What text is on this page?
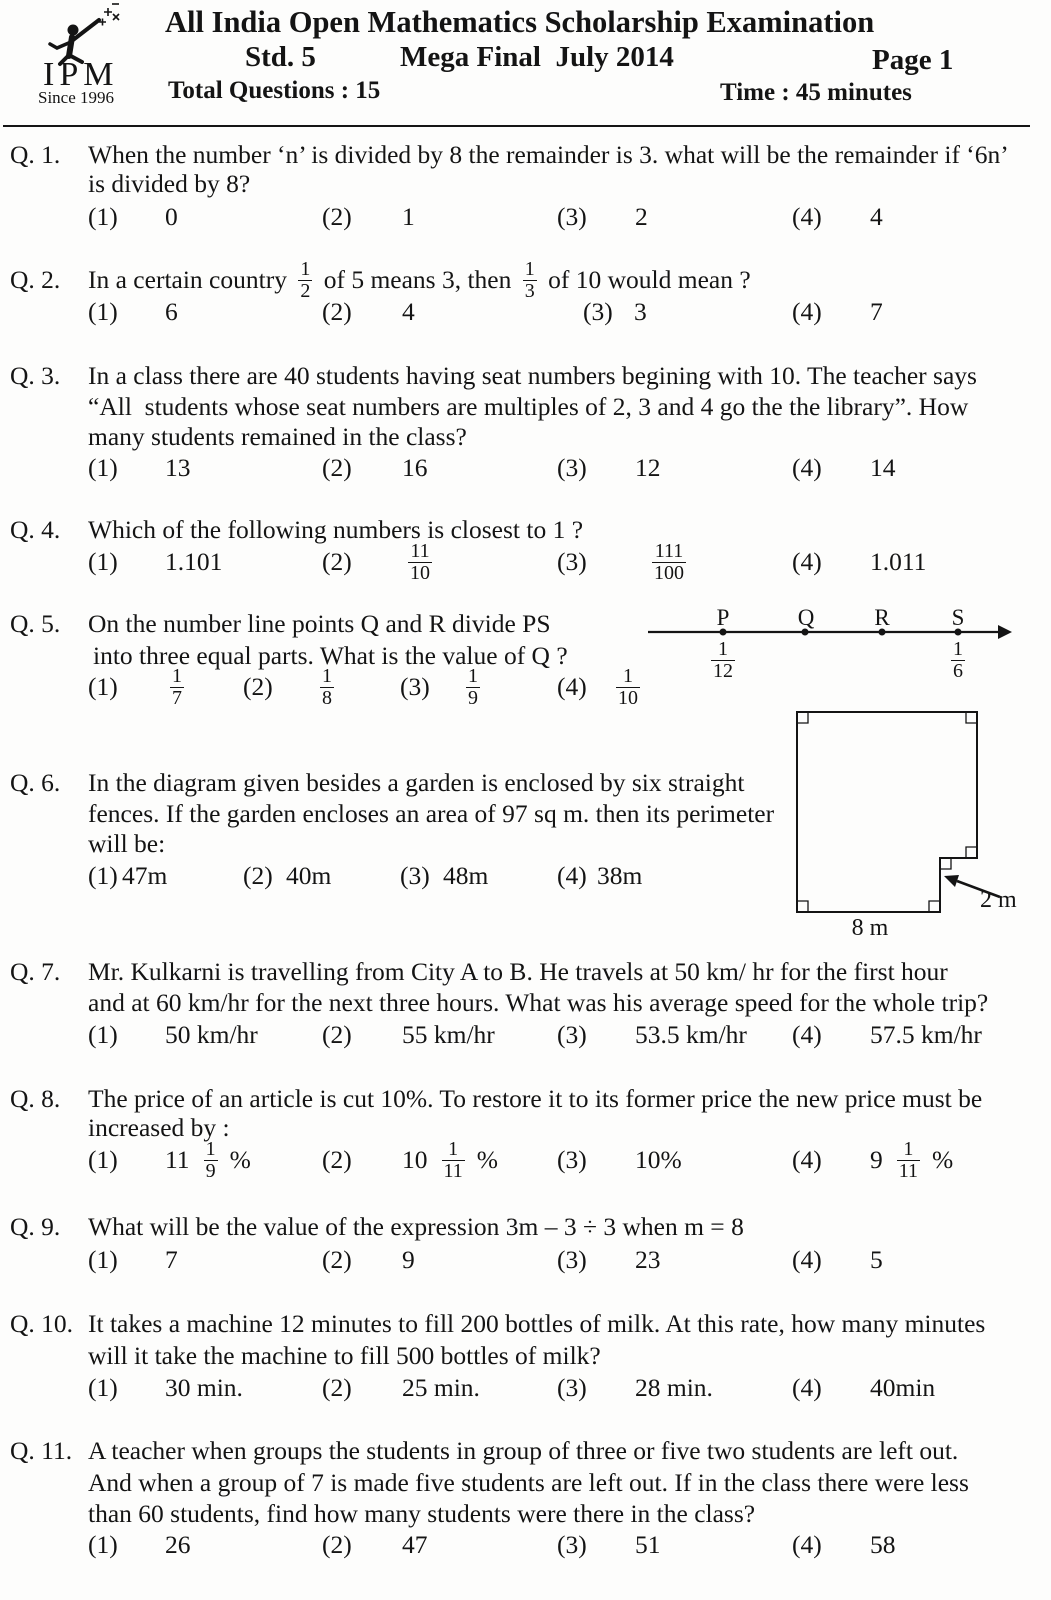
IPM
Since 1996
All India Open Mathematics Scholarship Examination
Std. 5	Mega Final  July 2014	Page 1
Total Questions : 15	Time : 45 minutes
P	Q	R	S
$\frac{1}{12}$	$\frac{1}{6}$
2 m
8 m
Q. 1. When the number ‘n’ is divided by 8 the remainder is 3. what will be the remainder if ‘6n’
is divided by 8?
(1) 0	(2) 1	(3) 2	(4) 4
Q. 2. In a certain country $\frac{1}{2}$ of 5 means 3, then $\frac{1}{3}$ of 10 would mean ?
(1) 6	(2) 4	(3) 3	(4) 7
Q. 3. In a class there are 40 students having seat numbers begining with 10. The teacher says
“All  students whose seat numbers are multiples of 2, 3 and 4 go the the library”. How
many students remained in the class?
(1) 13	(2) 16	(3) 12	(4) 14
Q. 4. Which of the following numbers is closest to 1 ?
(1) 1.101	(2)	$\frac{11}{10}$	(3)	$\frac{111}{100}$	(4) 1.011
Q. 5. On the number line points Q and R divide PS
into three equal parts. What is the value of Q ?
(1)	$\frac{1}{7} (2) \frac{1}{8}$	$(3) \frac{1}{9}$	$(4) \frac{1}{10}$
Q. 6. In the diagram given besides a garden is enclosed by six straight
fences. If the garden encloses an area of 97 sq m. then its perimeter
will be:
(1) 47m	(2) 40m	(3) 48m	(4) 38m
Q. 7. Mr. Kulkarni is travelling from City A to B. He travels at 50 km/ hr for the first hour
and at 60 km/hr for the next three hours. What was his average speed for the whole trip?
(1) 50 km/hr	(2) 55 km/hr (3) 53.5 km/hr (4) 57.5 km/hr
Q. 8. The price of an article is cut 10%. To restore it to its former price the new price must be
increased by :
(1) $11 \frac{1}{9}$ %	(2) $10 \frac{1}{11}$ % (3) 10%	(4) $9 \frac{1}{11}$ %
Q. 9. What will be the value of the expression 3m – 3 ÷ 3 when m = 8
(1) 7	(2) 9	(3) 23	(4) 5
Q. 10. It takes a machine 12 minutes to fill 200 bottles of milk. At this rate, how many minutes
will it take the machine to fill 500 bottles of milk?
(1) 30 min.	(2) 25 min.	(3) 28 min.	(4) 40min
Q. 11. A teacher when groups the students in group of three or five two students are left out.
And when a group of 7 is made five students are left out. If in the class there were less
than 60 students, find how many students were there in the class?
(1) 26	(2) 47	(3) 51	(4) 58
